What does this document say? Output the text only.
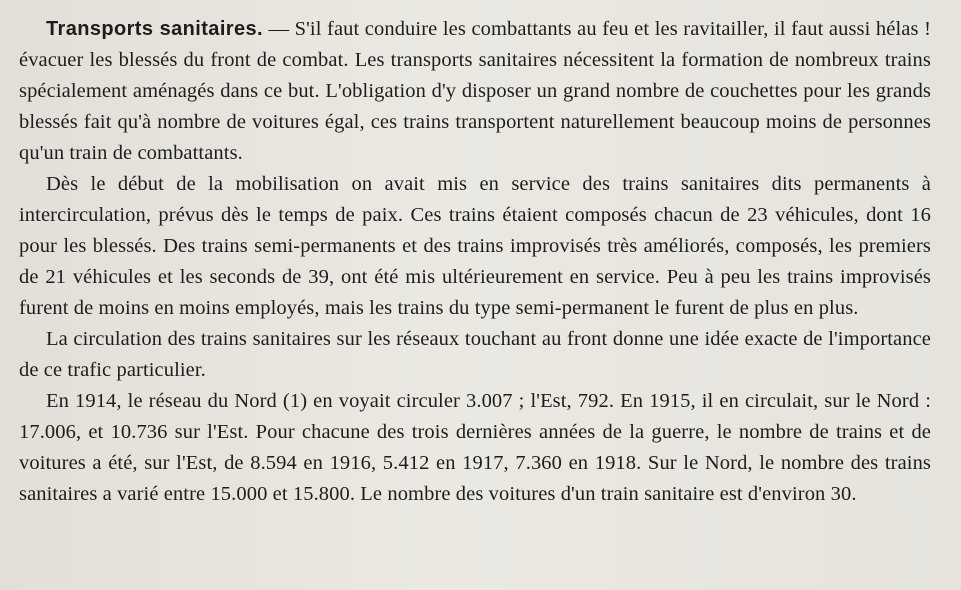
Transports sanitaires. — S'il faut conduire les combattants au feu et les ravitailler, il faut aussi hélas ! évacuer les blessés du front de combat. Les transports sanitaires nécessitent la formation de nombreux trains spécialement aménagés dans ce but. L'obligation d'y disposer un grand nombre de couchettes pour les grands blessés fait qu'à nombre de voitures égal, ces trains transportent naturellement beaucoup moins de personnes qu'un train de combattants.

Dès le début de la mobilisation on avait mis en service des trains sanitaires dits permanents à intercirculation, prévus dès le temps de paix. Ces trains étaient composés chacun de 23 véhicules, dont 16 pour les blessés. Des trains semi-permanents et des trains improvisés très améliorés, composés, les premiers de 21 véhicules et les seconds de 39, ont été mis ultérieurement en service. Peu à peu les trains improvisés furent de moins en moins employés, mais les trains du type semi-permanent le furent de plus en plus.

La circulation des trains sanitaires sur les réseaux touchant au front donne une idée exacte de l'importance de ce trafic particulier.

En 1914, le réseau du Nord (1) en voyait circuler 3.007 ; l'Est, 792. En 1915, il en circulait, sur le Nord : 17.006, et 10.736 sur l'Est. Pour chacune des trois dernières années de la guerre, le nombre de trains et de voitures a été, sur l'Est, de 8.594 en 1916, 5.412 en 1917, 7.360 en 1918. Sur le Nord, le nombre des trains sanitaires a varié entre 15.000 et 15.800. Le nombre des voitures d'un train sanitaire est d'environ 30.
